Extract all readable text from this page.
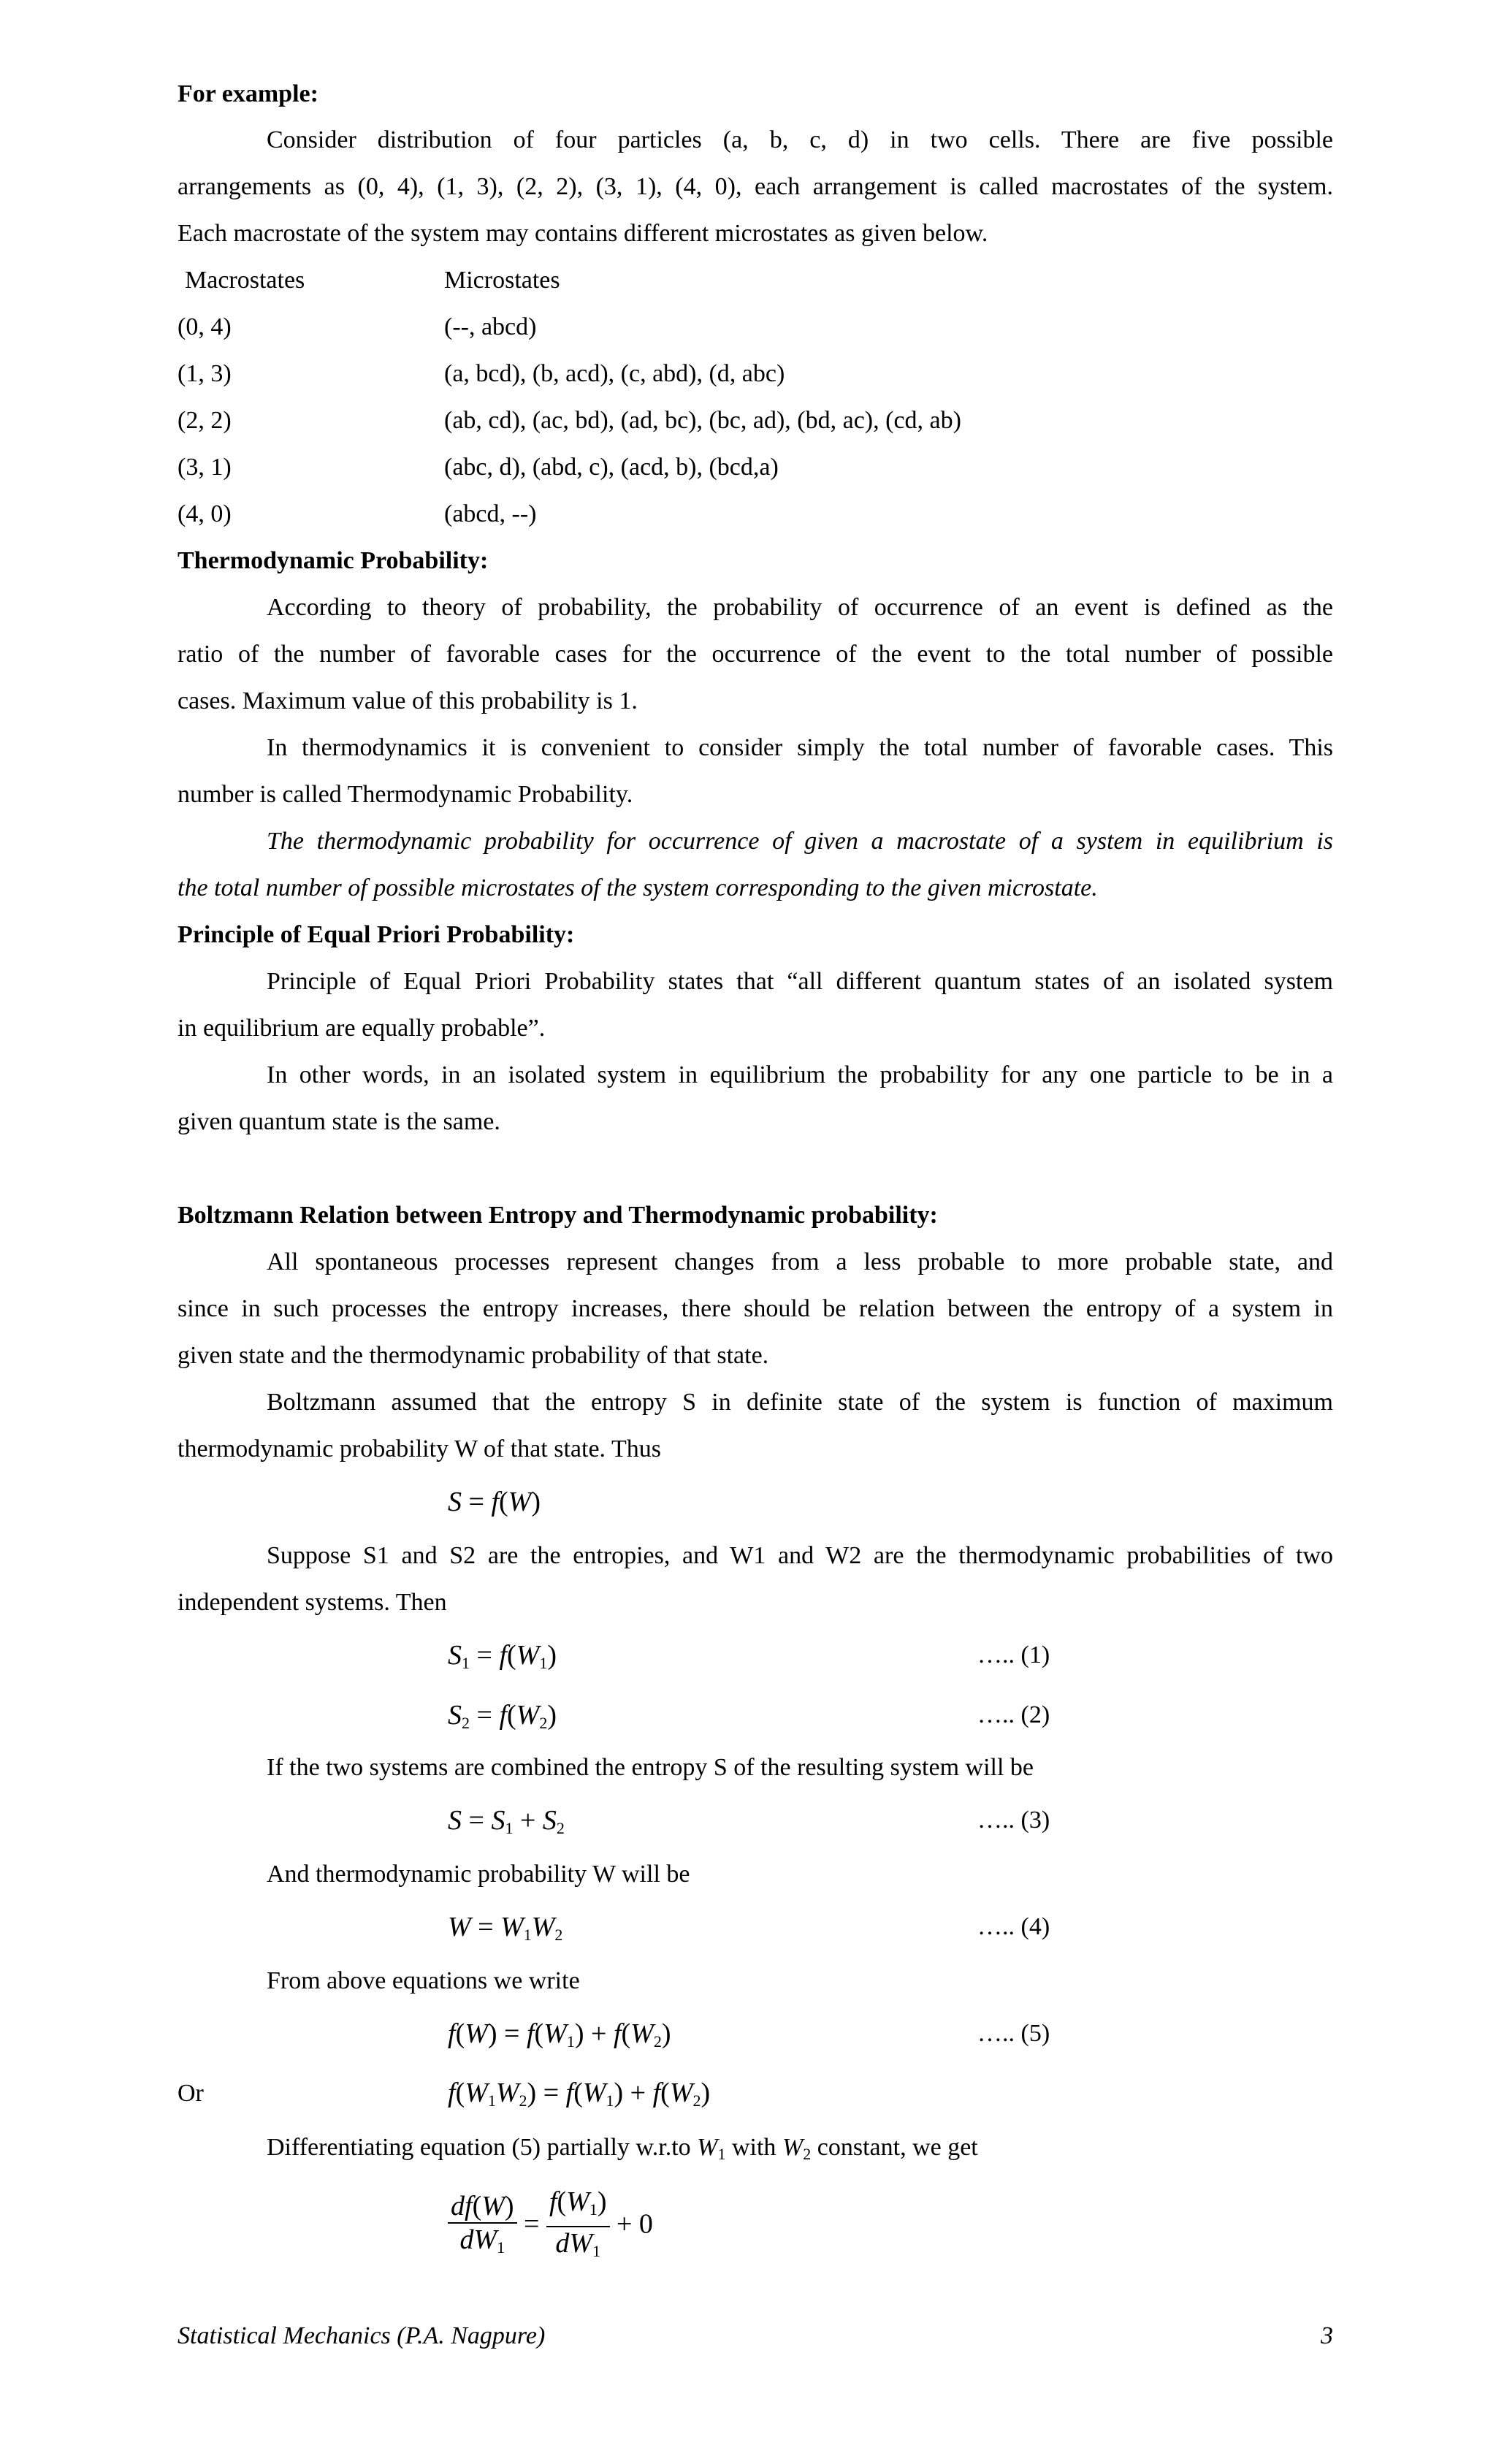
For example:
Consider distribution of four particles (a, b, c, d) in two cells. There are five possible
arrangements as (0, 4), (1, 3), (2, 2), (3, 1), (4, 0), each arrangement is called macrostates of the system.
Each macrostate of the system may contains different microstates as given below.
Macrostates	Microstates
(0, 4)	(--, abcd)
(1, 3)	(a, bcd), (b, acd), (c, abd), (d, abc)
(2, 2)	(ab, cd), (ac, bd), (ad, bc), (bc, ad), (bd, ac), (cd, ab)
(3, 1)	(abc, d), (abd, c), (acd, b), (bcd,a)
(4, 0)	(abcd, --)
Thermodynamic Probability:
According to theory of probability, the probability of occurrence of an event is defined as the
ratio of the number of favorable cases for the occurrence of the event to the total number of possible
cases. Maximum value of this probability is 1.
In thermodynamics it is convenient to consider simply the total number of favorable cases. This
number is called Thermodynamic Probability.
The thermodynamic probability for occurrence of given a macrostate of a system in equilibrium is
the total number of possible microstates of the system corresponding to the given microstate.
Principle of Equal Priori Probability:
Principle of Equal Priori Probability states that “all different quantum states of an isolated system
in equilibrium are equally probable”.
In other words, in an isolated system in equilibrium the probability for any one particle to be in a
given quantum state is the same.
Boltzmann Relation between Entropy and Thermodynamic probability:
All spontaneous processes represent changes from a less probable to more probable state, and
since in such processes the entropy increases, there should be relation between the entropy of a system in
given state and the thermodynamic probability of that state.
Boltzmann assumed that the entropy S in definite state of the system is function of maximum
thermodynamic probability W of that state. Thus
S = f(W)
Suppose S1 and S2 are the entropies, and W1 and W2 are the thermodynamic probabilities of two
independent systems. Then
$S_1 = f(W_1)$	….. (1)
$S_2 = f(W_2)$	….. (2)
If the two systems are combined the entropy S of the resulting system will be
$S = S_1 + S_2$	….. (3)
And thermodynamic probability W will be
$W = W_1W_2$	….. (4)
From above equations we write
$f(W) = f(W_1) + f(W_2)$	….. (5)
Or	$f(W_1W_2) = f(W_1) + f(W_2)$
Differentiating equation (5) partially w.r.to $W_1$ with $W_2$ constant, we get
$\frac{df(W)}{dW_1} = \frac{f(W_1)}{dW_1} + 0$
Statistical Mechanics (P.A. Nagpure)	3
